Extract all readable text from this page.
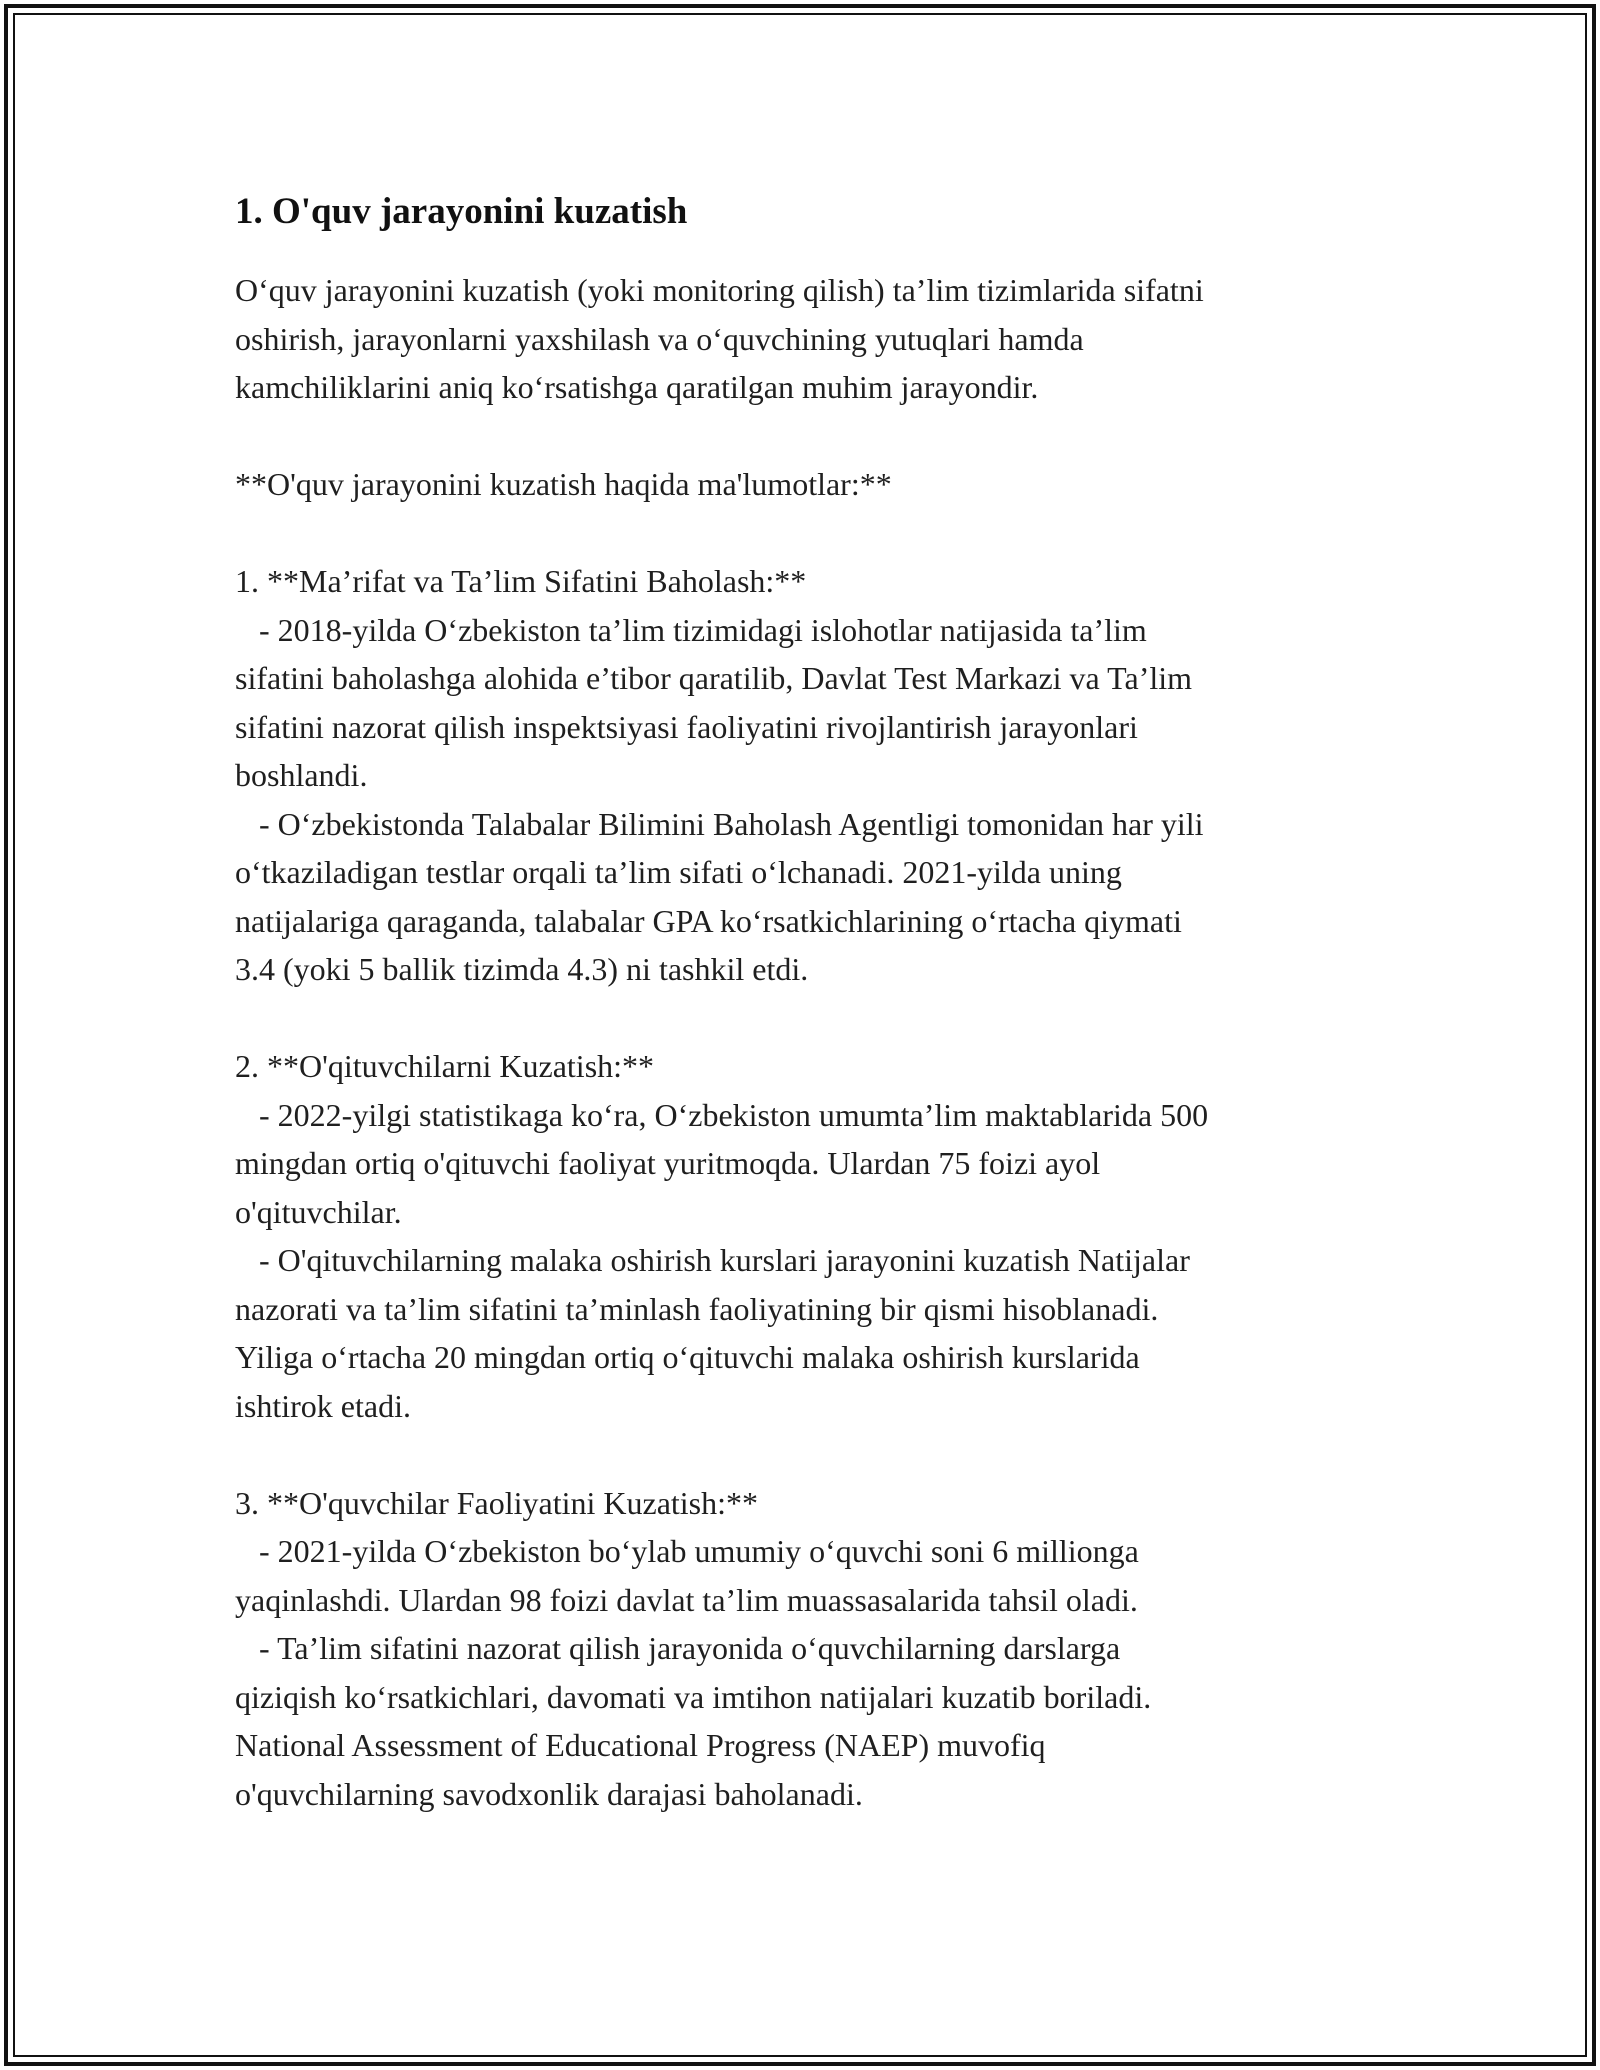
1. O'quv jarayonini kuzatish

O‘quv jarayonini kuzatish (yoki monitoring qilish) ta’lim tizimlarida sifatni
oshirish, jarayonlarni yaxshilash va o‘quvchining yutuqlari hamda
kamchiliklarini aniq ko‘rsatishga qaratilgan muhim jarayondir.

**O'quv jarayonini kuzatish haqida ma'lumotlar:**

1. **Ma’rifat va Ta’lim Sifatini Baholash:**
- 2018-yilda O‘zbekiston ta’lim tizimidagi islohotlar natijasida ta’lim
sifatini baholashga alohida e’tibor qaratilib, Davlat Test Markazi va Ta’lim
sifatini nazorat qilish inspektsiyasi faoliyatini rivojlantirish jarayonlari
boshlandi.
- O‘zbekistonda Talabalar Bilimini Baholash Agentligi tomonidan har yili
o‘tkaziladigan testlar orqali ta’lim sifati o‘lchanadi. 2021-yilda uning
natijalariga qaraganda, talabalar GPA ko‘rsatkichlarining o‘rtacha qiymati
3.4 (yoki 5 ballik tizimda 4.3) ni tashkil etdi.

2. **O'qituvchilarni Kuzatish:**
- 2022-yilgi statistikaga ko‘ra, O‘zbekiston umumta’lim maktablarida 500
mingdan ortiq o'qituvchi faoliyat yuritmoqda. Ulardan 75 foizi ayol
o'qituvchilar.
- O'qituvchilarning malaka oshirish kurslari jarayonini kuzatish Natijalar
nazorati va ta’lim sifatini ta’minlash faoliyatining bir qismi hisoblanadi.
Yiliga o‘rtacha 20 mingdan ortiq o‘qituvchi malaka oshirish kurslarida
ishtirok etadi.

3. **O'quvchilar Faoliyatini Kuzatish:**
- 2021-yilda O‘zbekiston bo‘ylab umumiy o‘quvchi soni 6 millionga
yaqinlashdi. Ulardan 98 foizi davlat ta’lim muassasalarida tahsil oladi.
- Ta’lim sifatini nazorat qilish jarayonida o‘quvchilarning darslarga
qiziqish ko‘rsatkichlari, davomati va imtihon natijalari kuzatib boriladi.
National Assessment of Educational Progress (NAEP) muvofiq
o'quvchilarning savodxonlik darajasi baholanadi.
